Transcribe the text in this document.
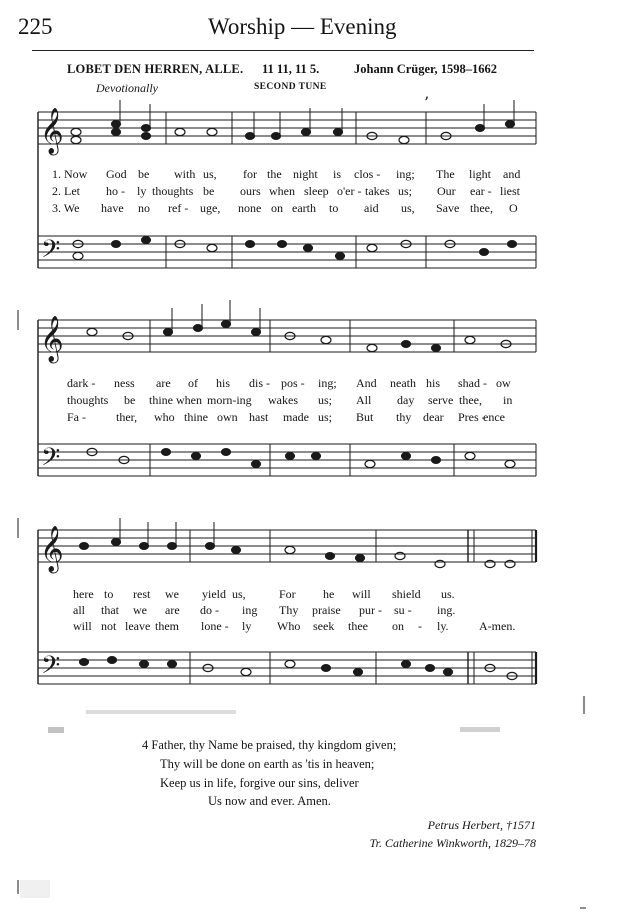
225	Worship — Evening
LOBET DEN HERREN, ALLE. 11 11, 11 5.	Johann Crüger, 1598–1662
Devotionally	SECOND TUNE
𝄞
𝄞
𝄞
𝄢
𝄢
𝄢
’
1. Now God be with us, for the night is clos - ing; The light and
2. Let ho - ly thoughts be ours when sleep o'er - takes us; Our ear - liest
3. We have no ref - uge, none on earth to aid us, Save thee, O
dark - ness are of his dis - pos - ing; And neath his shad - ow
thoughts be thine when morn-ing wakes us; All day serve thee, in
Fa -	ther, who thine own hast made us; But thy dear Pres -
ence
here to rest we yield us,	For he will shield us.
all that we are do - ing Thy praise pur - su - ing.
will not leave them lone - ly Who seek thee on - ly.	A-men.
4 Father, thy Name be praised, thy kingdom given;
Thy will be done on earth as 'tis in heaven;
Keep us in life, forgive our sins, deliver
Us now and ever. Amen.
Petrus Herbert, †1571
Tr. Catherine Winkworth, 1829–78
